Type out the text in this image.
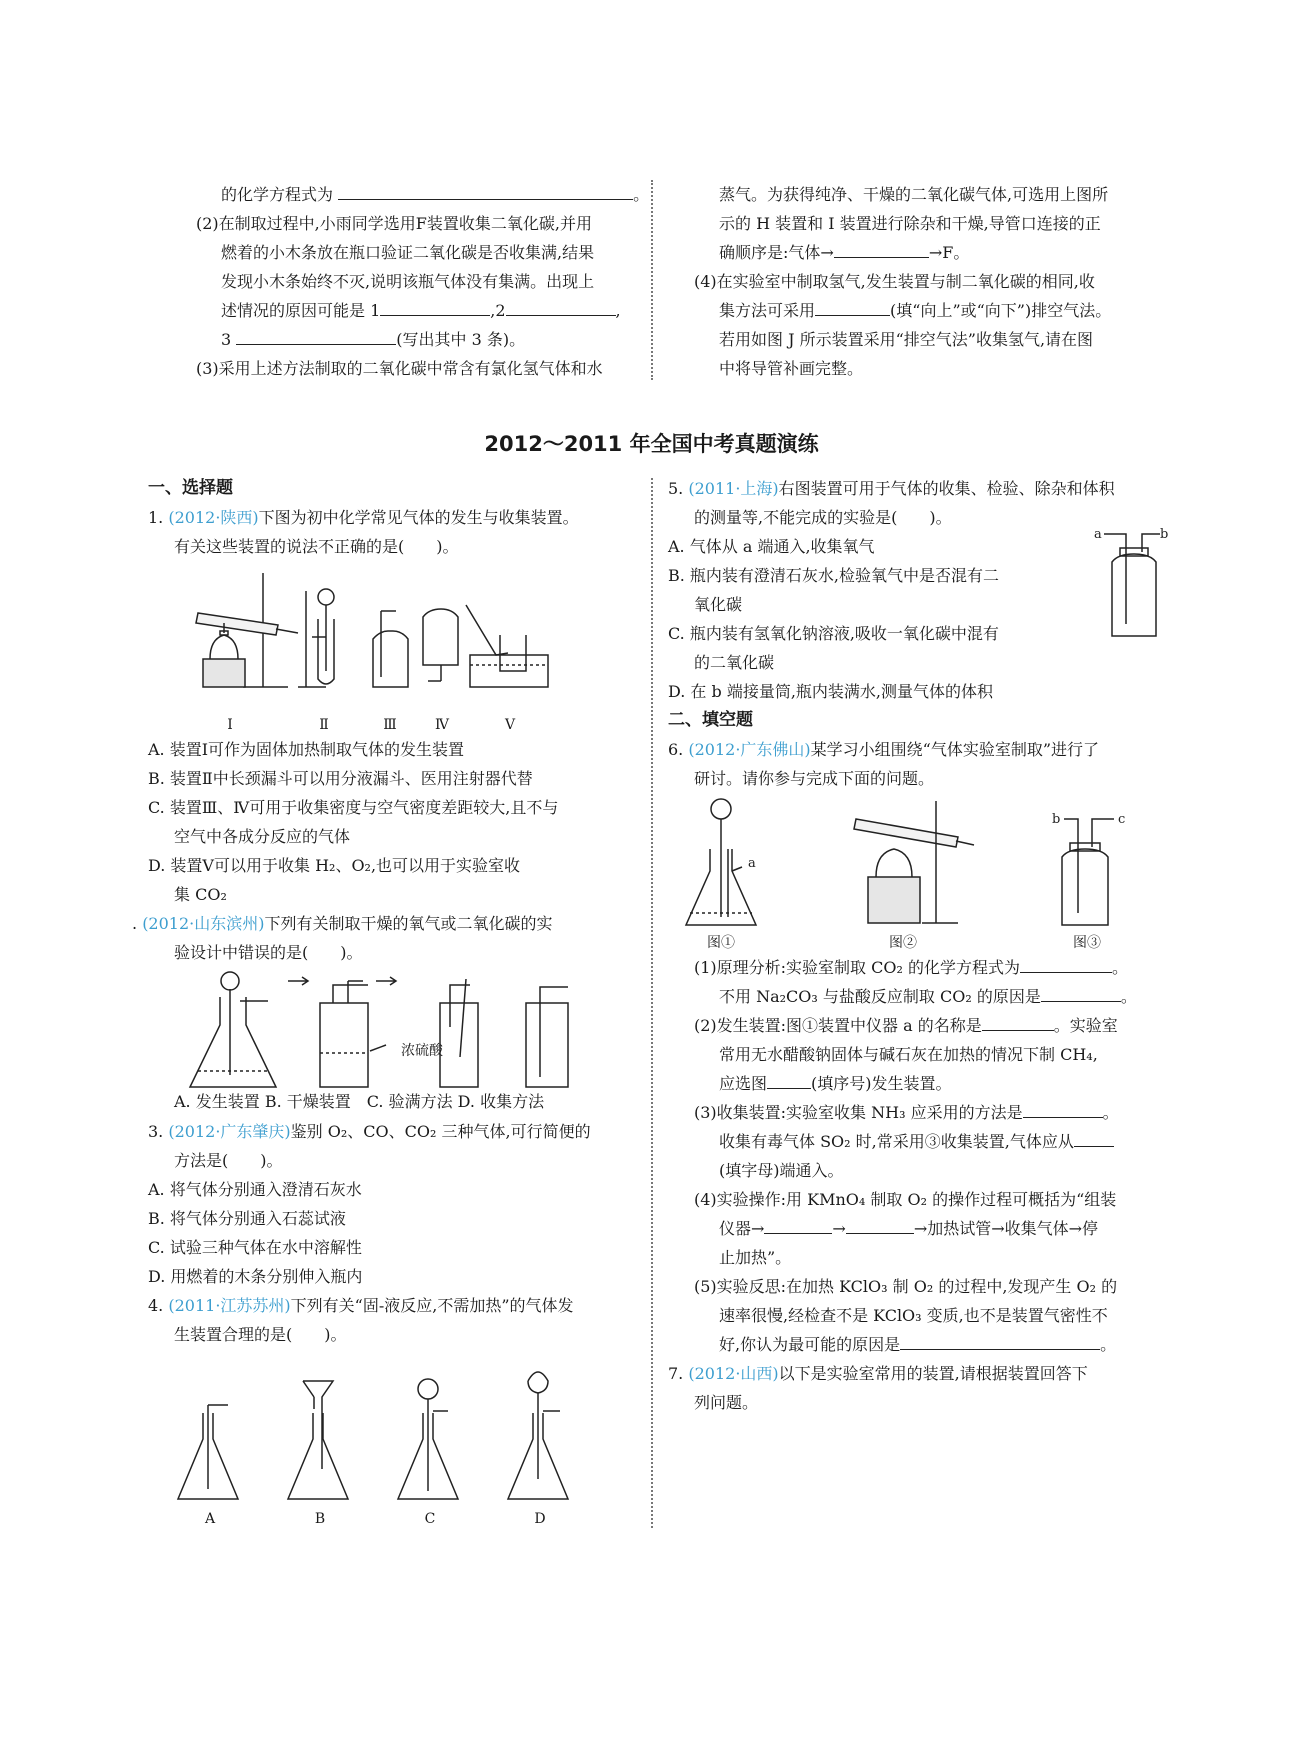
的化学方程式为	。
(2)在制取过程中,小雨同学选用F装置收集二氧化碳,并用
燃着的小木条放在瓶口验证二氧化碳是否收集满,结果
发现小木条始终不灭,说明该瓶气体没有集满。出现上
述情况的原因可能是 1	,2	,
3	(写出其中 3 条)。
(3)采用上述方法制取的二氧化碳中常含有氯化氢气体和水
蒸气。为获得纯净、干燥的二氧化碳气体,可选用上图所
示的 H 装置和 I 装置进行除杂和干燥,导管口连接的正
确顺序是:气体→	→F。
(4)在实验室中制取氢气,发生装置与制二氧化碳的相同,收
集方法可采用	(填“向上”或“向下”)排空气法。
若用如图 J 所示装置采用“排空气法”收集氢气,请在图
中将导管补画完整。
2012～2011 年全国中考真题演练
一、选择题
1. (2012·陕西)下图为初中化学常见气体的发生与收集装置。
有关这些装置的说法不正确的是(　　)。
Ⅰ	Ⅱ	Ⅲ	Ⅳ	Ⅴ
A. 装置Ⅰ可作为固体加热制取气体的发生装置
B. 装置Ⅱ中长颈漏斗可以用分液漏斗、医用注射器代替
C. 装置Ⅲ、Ⅳ可用于收集密度与空气密度差距较大,且不与
空气中各成分反应的气体
D. 装置Ⅴ可以用于收集 H₂、O₂,也可以用于实验室收
集 CO₂
. (2012·山东滨州)下列有关制取干燥的氧气或二氧化碳的实
验设计中错误的是(　　)。
浓硫酸
A. 发生装置 B. 干燥装置　C. 验满方法 D. 收集方法
3. (2012·广东肇庆)鉴别 O₂、CO、CO₂ 三种气体,可行简便的
方法是(　　)。
A. 将气体分别通入澄清石灰水
B. 将气体分别通入石蕊试液
C. 试验三种气体在水中溶解性
D. 用燃着的木条分别伸入瓶内
4. (2011·江苏苏州)下列有关“固-液反应,不需加热”的气体发
生装置合理的是(　　)。
A	B	C	D
5. (2011·上海)右图装置可用于气体的收集、检验、除杂和体积
的测量等,不能完成的实验是(　　)。
A. 气体从 a 端通入,收集氧气
B. 瓶内装有澄清石灰水,检验氧气中是否混有二
氧化碳
C. 瓶内装有氢氧化钠溶液,吸收一氧化碳中混有
的二氧化碳
D. 在 b 端接量筒,瓶内装满水,测量气体的体积
a	b
二、填空题
6. (2012·广东佛山)某学习小组围绕“气体实验室制取”进行了
研讨。请你参与完成下面的问题。
a
b	c
图①	图②	图③
(1)原理分析:实验室制取 CO₂ 的化学方程式为	。
不用 Na₂CO₃ 与盐酸反应制取 CO₂ 的原因是	。
(2)发生装置:图①装置中仪器 a 的名称是	。实验室
常用无水醋酸钠固体与碱石灰在加热的情况下制 CH₄,
应选图	(填序号)发生装置。
(3)收集装置:实验室收集 NH₃ 应采用的方法是	。
收集有毒气体 SO₂ 时,常采用③收集装置,气体应从
(填字母)端通入。
(4)实验操作:用 KMnO₄ 制取 O₂ 的操作过程可概括为“组装
仪器→	→	→加热试管→收集气体→停
止加热”。
(5)实验反思:在加热 KClO₃ 制 O₂ 的过程中,发现产生 O₂ 的
速率很慢,经检查不是 KClO₃ 变质,也不是装置气密性不
好,你认为最可能的原因是	。
7. (2012·山西)以下是实验室常用的装置,请根据装置回答下
列问题。
